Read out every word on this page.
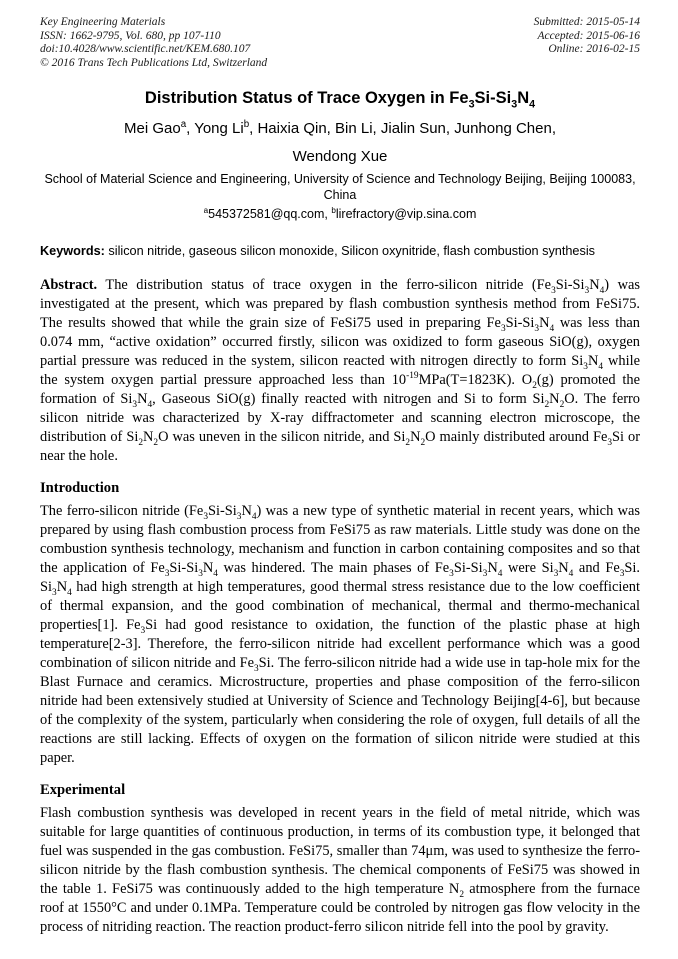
Key Engineering Materials
ISSN: 1662-9795, Vol. 680, pp 107-110
doi:10.4028/www.scientific.net/KEM.680.107
© 2016 Trans Tech Publications Ltd, Switzerland
Submitted: 2015-05-14
Accepted: 2015-06-16
Online: 2016-02-15
Distribution Status of Trace Oxygen in $Fe_3Si-Si_3N_4$
Mei Gao$^a$, Yong Li$^b$, Haixia Qin, Bin Li, Jialin Sun, Junhong Chen,
Wendong Xue
School of Material Science and Engineering, University of Science and Technology Beijing, Beijing 100083, China
$^a$545372581@qq.com, $^b$lirefractory@vip.sina.com

Keywords: silicon nitride, gaseous silicon monoxide, Silicon oxynitride, flash combustion synthesis

Abstract. The distribution status of trace oxygen in the ferro-silicon nitride $(Fe_3Si-Si_3N_4)$ was investigated at the present, which was prepared by flash combustion synthesis method from FeSi75. The results showed that while the grain size of FeSi75 used in preparing $Fe_3Si-Si_3N_4$ was less than 0.074 mm, “active oxidation” occurred firstly, silicon was oxidized to form gaseous SiO(g), oxygen partial pressure was reduced in the system, silicon reacted with nitrogen directly to form $Si_3N_4$ while the system oxygen partial pressure approached less than $10^{-19}MPa(T=1823K)$. $O_2(g)$ promoted the formation of $Si_3N_4$, Gaseous SiO(g) finally reacted with nitrogen and Si to form $Si_2N_2O$. The ferro silicon nitride was characterized by X-ray diffractometer and scanning electron microscope, the distribution of $Si_2N_2O$ was uneven in the silicon nitride, and $Si_2N_2O$ mainly distributed around $Fe_3Si$ or near the hole.

Introduction

The ferro-silicon nitride $(Fe_3Si-Si_3N_4)$ was a new type of synthetic material in recent years, which was prepared by using flash combustion process from FeSi75 as raw materials. Little study was done on the combustion synthesis technology, mechanism and function in carbon containing composites and so that the application of $Fe_3Si-Si_3N_4$ was hindered. The main phases of $Fe_3Si-Si_3N_4$ were $Si_3N_4$ and $Fe_3Si$. $Si_3N_4$ had high strength at high temperatures, good thermal stress resistance due to the low coefficient of thermal expansion, and the good combination of mechanical, thermal and thermo-mechanical properties[1]. $Fe_3Si$ had good resistance to oxidation, the function of the plastic phase at high temperature[2-3]. Therefore, the ferro-silicon nitride had excellent performance which was a good combination of silicon nitride and $Fe_3Si$. The ferro-silicon nitride had a wide use in tap-hole mix for the Blast Furnace and ceramics. Microstructure, properties and phase composition of the ferro-silicon nitride had been extensively studied at University of Science and Technology Beijing[4-6], but because of the complexity of the system, particularly when considering the role of oxygen, full details of all the reactions are still lacking. Effects of oxygen on the formation of silicon nitride were studied at this paper.

Experimental

Flash combustion synthesis was developed in recent years in the field of metal nitride, which was suitable for large quantities of continuous production, in terms of its combustion type, it belonged that fuel was suspended in the gas combustion. FeSi75, smaller than 74μm, was used to synthesize the ferro-silicon nitride by the flash combustion synthesis. The chemical components of FeSi75 was showed in the table 1. FeSi75 was continuously added to the high temperature $N_2$ atmosphere from the furnace roof at 1550°C and under 0.1MPa. Temperature could be controled by nitrogen gas flow velocity in the process of nitriding reaction. The reaction product-ferro silicon nitride fell into the pool by gravity.
